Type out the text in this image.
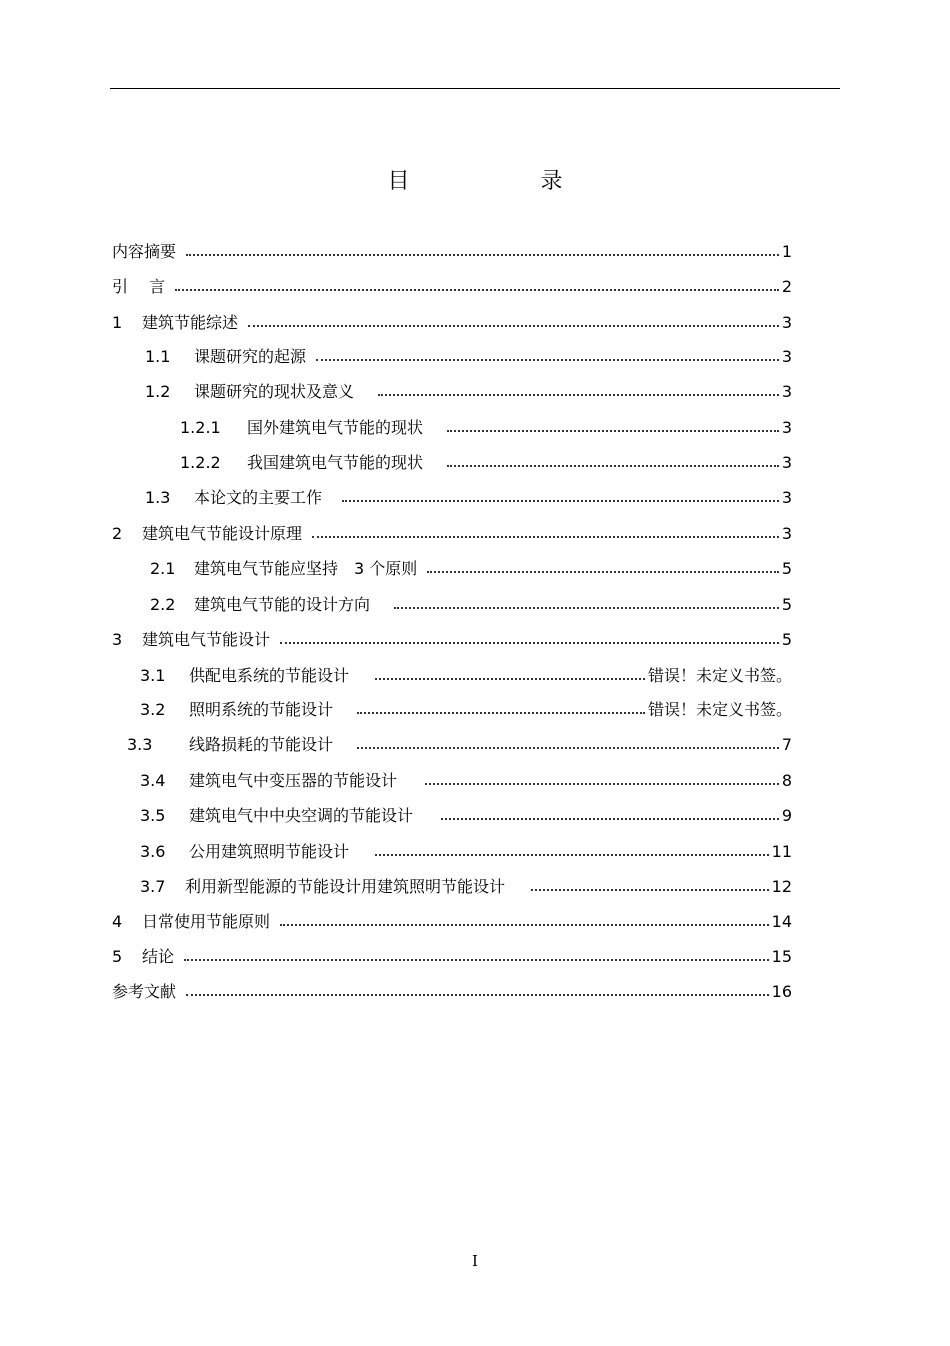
目 录
内容摘要	1
引　 言	2
1	建筑节能综述	3
1.1	课题研究的起源	3
1.2	课题研究的现状及意义	3
1.2.1	国外建筑电气节能的现状	3
1.2.2	我国建筑电气节能的现状	3
1.3	本论文的主要工作	3
2	建筑电气节能设计原理	3
2.1	建筑电气节能应坚持　3 个原则	5
2.2	建筑电气节能的设计方向	5
3	建筑电气节能设计	5
3.1	供配电系统的节能设计	错误！未定义书签。
3.2	照明系统的节能设计	错误！未定义书签。
3.3	线路损耗的节能设计	7
3.4	建筑电气中变压器的节能设计	8
3.5	建筑电气中中央空调的节能设计	9
3.6	公用建筑照明节能设计	11
3.7	利用新型能源的节能设计用建筑照明节能设计	12
4	日常使用节能原则	14
5	结论	15
参考文献	16
I
